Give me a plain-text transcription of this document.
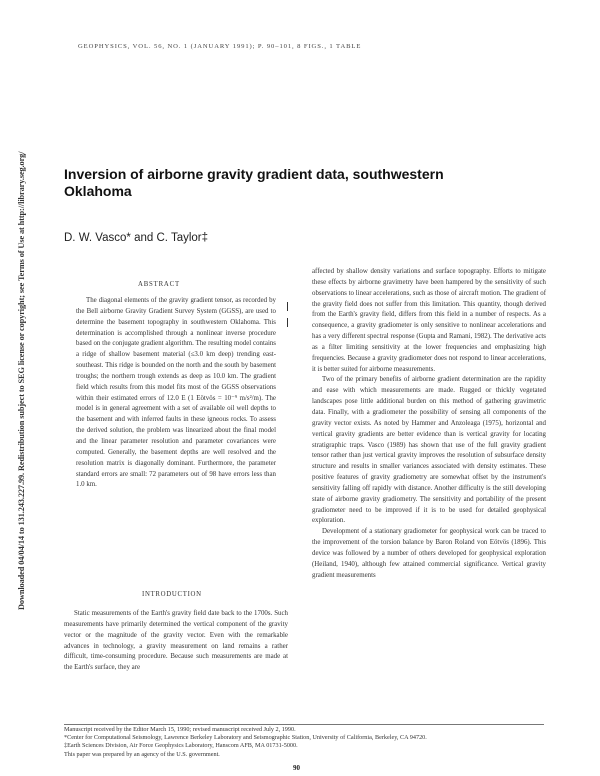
Downloaded 04/04/14 to 131.243.227.99. Redistribution subject to SEG license or copyright; see Terms of Use at http://library.seg.org/
GEOPHYSICS, VOL. 56, NO. 1 (JANUARY 1991); P. 90–101, 8 FIGS., 1 TABLE
Inversion of airborne gravity gradient data, southwestern Oklahoma
D. W. Vasco* and C. Taylor‡
ABSTRACT
The diagonal elements of the gravity gradient tensor, as recorded by the Bell airborne Gravity Gradient Survey System (GGSS), are used to determine the basement topography in southwestern Oklahoma. This determination is accomplished through a nonlinear inverse procedure based on the conjugate gradient algorithm. The resulting model contains a ridge of shallow basement material (≤3.0 km deep) trending east-southeast. This ridge is bounded on the north and the south by basement troughs; the northern trough extends as deep as 10.0 km. The gradient field which results from this model fits most of the GGSS observations within their estimated errors of 12.0 E (1 Eötvös = 10⁻⁹ m/s²/m). The model is in general agreement with a set of available oil well depths to the basement and with inferred faults in these igneous rocks. To assess the derived solution, the problem was linearized about the final model and the linear parameter resolution and parameter covariances were computed. Generally, the basement depths are well resolved and the resolution matrix is diagonally dominant. Furthermore, the parameter standard errors are small: 72 parameters out of 98 have errors less than 1.0 km.
INTRODUCTION
Static measurements of the Earth's gravity field date back to the 1700s. Such measurements have primarily determined the vertical component of the gravity vector or the magnitude of the gravity vector. Even with the remarkable advances in technology, a gravity measurement on land remains a rather difficult, time-consuming procedure. Because such measurements are made at the Earth's surface, they are

affected by shallow density variations and surface topography. Efforts to mitigate these effects by airborne gravimetry have been hampered by the sensitivity of such observations to linear accelerations, such as those of aircraft motion. The gradient of the gravity field does not suffer from this limitation. This quantity, though derived from the Earth's gravity field, differs from this field in a number of respects. As a consequence, a gravity gradiometer is only sensitive to nonlinear accelerations and has a very different spectral response (Gupta and Ramani, 1982). The derivative acts as a filter limiting sensitivity at the lower frequencies and emphasizing high frequencies. Because a gravity gradiometer does not respond to linear accelerations, it is better suited for airborne measurements.

Two of the primary benefits of airborne gradient determination are the rapidity and ease with which measurements are made. Rugged or thickly vegetated landscapes pose little additional burden on this method of gathering gravimetric data. Finally, with a gradiometer the possibility of sensing all components of the gravity vector exists. As noted by Hammer and Anzoleaga (1975), horizontal and vertical gravity gradients are better evidence than is vertical gravity for locating stratigraphic traps. Vasco (1989) has shown that use of the full gravity gradient tensor rather than just vertical gravity improves the resolution of subsurface density structure and results in smaller variances associated with density estimates. These positive features of gravity gradiometry are somewhat offset by the instrument's sensitivity falling off rapidly with distance. Another difficulty is the still developing state of airborne gravity gradiometry. The sensitivity and portability of the present gradiometer need to be improved if it is to be used for detailed geophysical exploration.

Development of a stationary gradiometer for geophysical work can be traced to the improvement of the torsion balance by Baron Roland von Eötvös (1896). This device was followed by a number of others developed for geophysical exploration (Heiland, 1940), although few attained commercial significance. Vertical gravity gradient measurements

Manuscript received by the Editor March 15, 1990; revised manuscript received July 2, 1990.
*Center for Computational Seismology, Lawrence Berkeley Laboratory and Seismographic Station, University of California, Berkeley, CA 94720.
‡Earth Sciences Division, Air Force Geophysics Laboratory, Hanscom AFB, MA 01731-5000.
This paper was prepared by an agency of the U.S. government.
90
